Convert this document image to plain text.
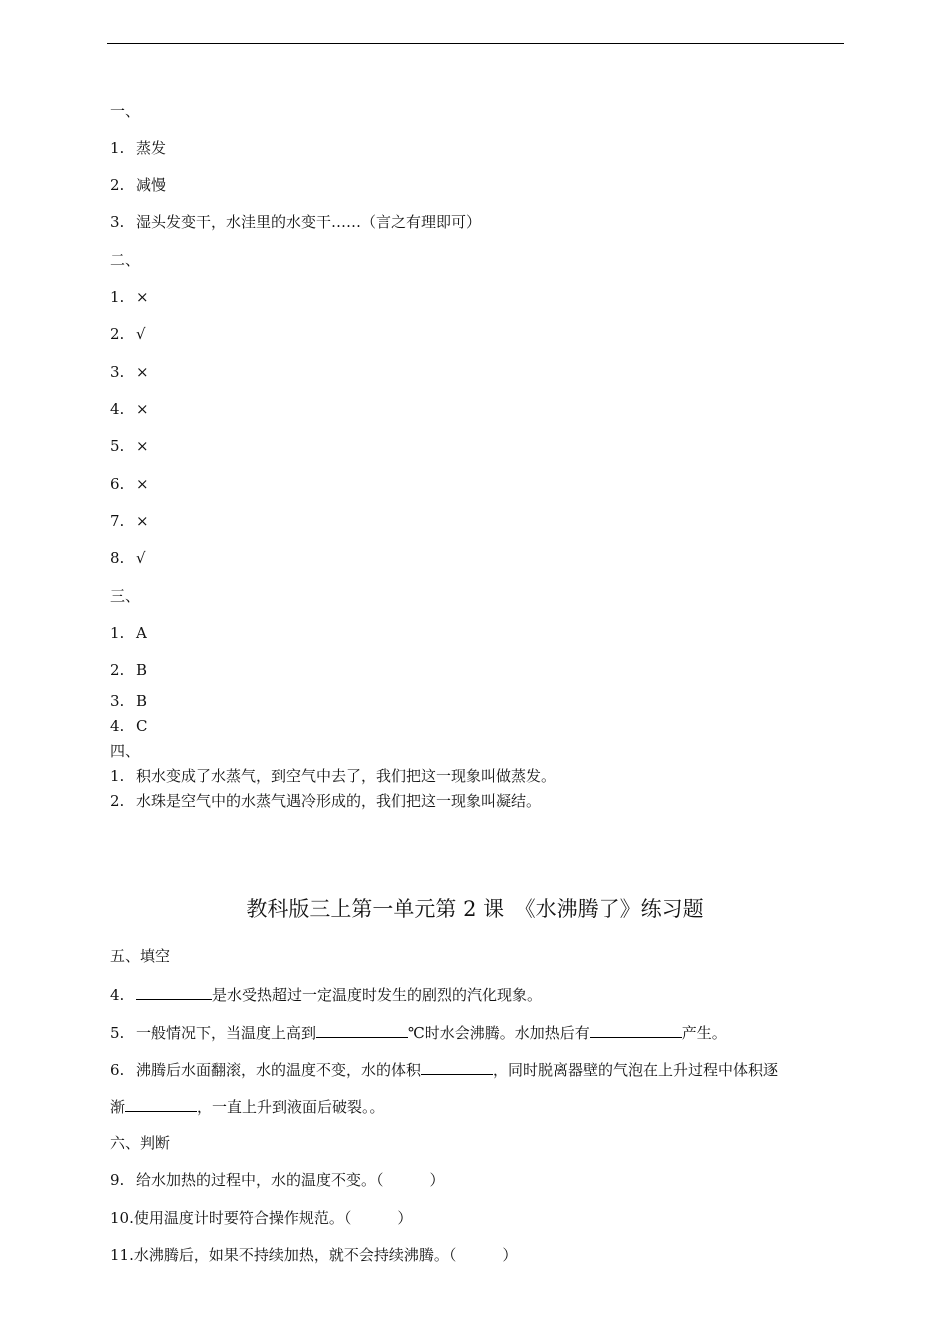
一、
1. 蒸发
2. 减慢
3. 湿头发变干，水洼里的水变干……（言之有理即可）
二、
1. ×
2. √
3. ×
4. ×
5. ×
6. ×
7. ×
8. √
三、
1. A
2. B
3. B
4. C
四、
1. 积水变成了水蒸气，到空气中去了，我们把这一现象叫做蒸发。
2. 水珠是空气中的水蒸气遇冷形成的，我们把这一现象叫凝结。
教科版三上第一单元第 2 课　《水沸腾了》练习题
五、填空
4.	是水受热超过一定温度时发生的剧烈的汽化现象。
5. 一般情况下，当温度上高到	℃时水会沸腾。水加热后有	产生。
6. 沸腾后水面翻滚，水的温度不变，水的体积	，同时脱离器壁的气泡在上升过程中体积逐
渐	，一直上升到液面后破裂。。
六、判断
9. 给水加热的过程中，水的温度不变。（	）
10.使用温度计时要符合操作规范。（	）
11.水沸腾后，如果不持续加热，就不会持续沸腾。（	）
